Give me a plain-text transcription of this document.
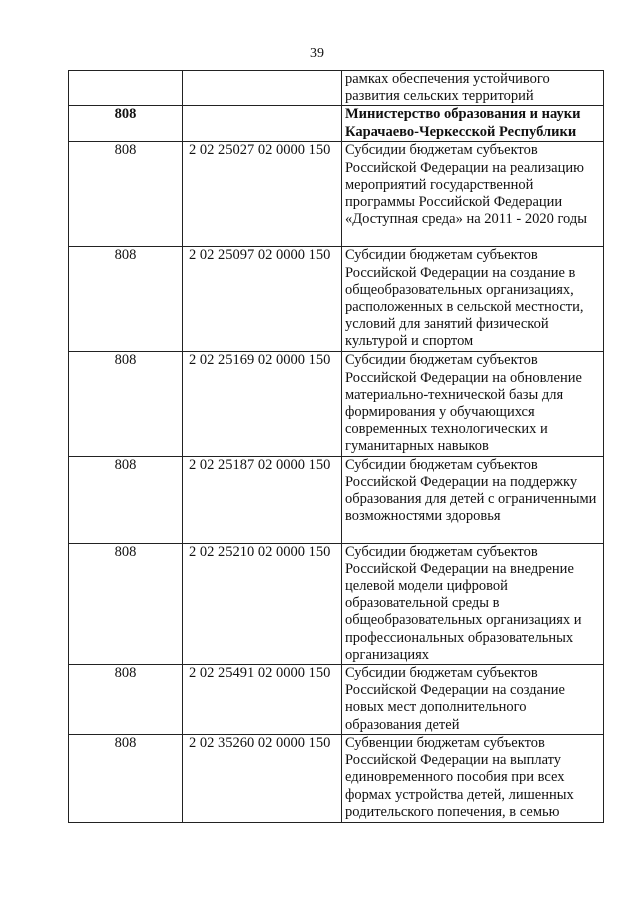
39
		рамках обеспечения устойчивого развития сельских территорий
808		Министерство образования и науки Карачаево-Черкесской Республики
808	2 02 25027 02 0000 150	Субсидии бюджетам субъектов Российской Федерации на реализацию мероприятий государственной программы Российской Федерации «Доступная среда» на 2011 - 2020 годы
808	2 02 25097 02 0000 150	Субсидии бюджетам субъектов Российской Федерации на создание в общеобразовательных организациях, расположенных в сельской местности, условий для занятий физической культурой и спортом
808	2 02 25169 02 0000 150	Субсидии бюджетам субъектов Российской Федерации на обновление материально-технической базы для формирования у обучающихся современных технологических и гуманитарных навыков
808	2 02 25187 02 0000 150	Субсидии бюджетам субъектов Российской Федерации на поддержку образования для детей с ограниченными возможностями здоровья
808	2 02 25210 02 0000 150	Субсидии бюджетам субъектов Российской Федерации на внедрение целевой модели цифровой образовательной среды в общеобразовательных организациях и профессиональных образовательных организациях
808	2 02 25491 02 0000 150	Субсидии бюджетам субъектов Российской Федерации на создание новых мест дополнительного образования детей
808	2 02 35260 02 0000 150	Субвенции бюджетам субъектов Российской Федерации на выплату единовременного пособия при всех формах устройства детей, лишенных родительского попечения, в семью
